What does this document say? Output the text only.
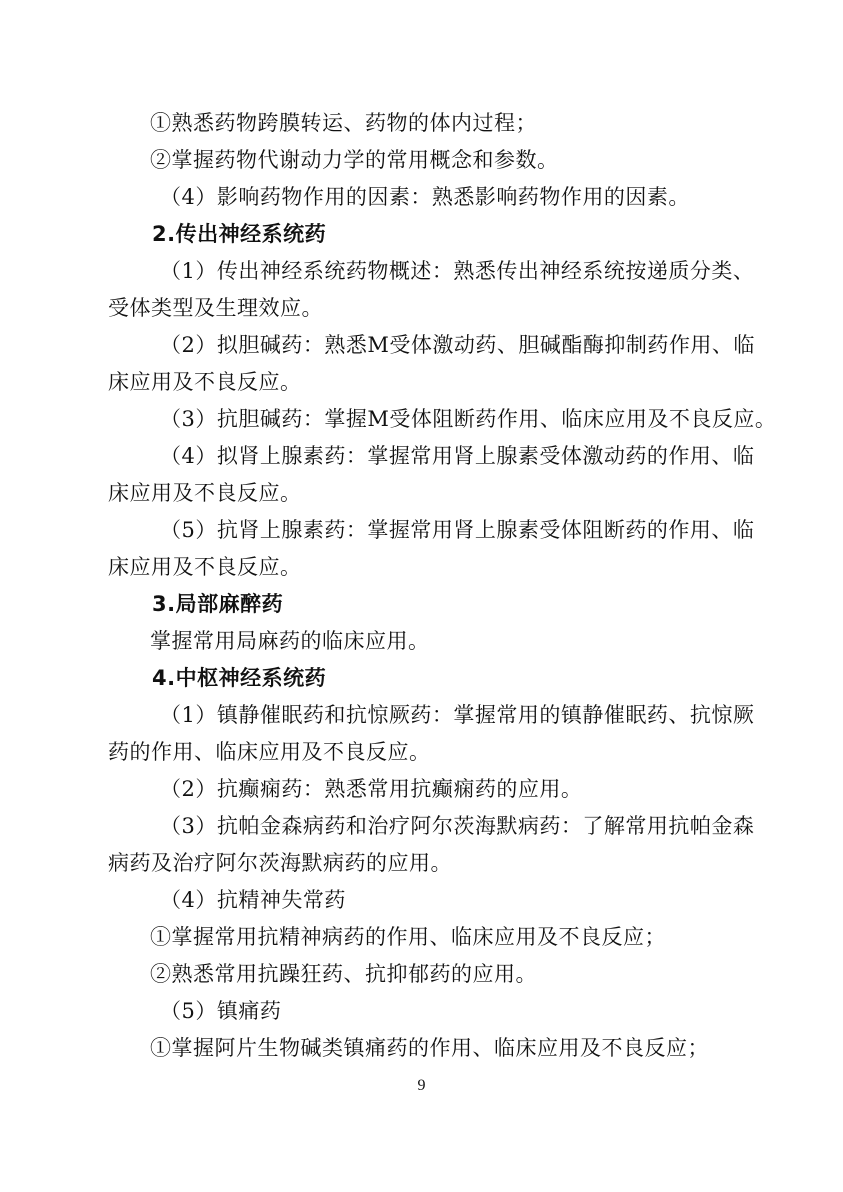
①熟悉药物跨膜转运、药物的体内过程；
②掌握药物代谢动力学的常用概念和参数。
（4）影响药物作用的因素：熟悉影响药物作用的因素。
2.传出神经系统药
（1）传出神经系统药物概述：熟悉传出神经系统按递质分类、
受体类型及生理效应。
（2）拟胆碱药：熟悉M受体激动药、胆碱酯酶抑制药作用、临
床应用及不良反应。
（3）抗胆碱药：掌握M受体阻断药作用、临床应用及不良反应。
（4）拟肾上腺素药：掌握常用肾上腺素受体激动药的作用、临
床应用及不良反应。
（5）抗肾上腺素药：掌握常用肾上腺素受体阻断药的作用、临
床应用及不良反应。
3.局部麻醉药
掌握常用局麻药的临床应用。
4.中枢神经系统药
（1）镇静催眠药和抗惊厥药：掌握常用的镇静催眠药、抗惊厥
药的作用、临床应用及不良反应。
（2）抗癫痫药：熟悉常用抗癫痫药的应用。
（3）抗帕金森病药和治疗阿尔茨海默病药：了解常用抗帕金森
病药及治疗阿尔茨海默病药的应用。
（4）抗精神失常药
①掌握常用抗精神病药的作用、临床应用及不良反应；
②熟悉常用抗躁狂药、抗抑郁药的应用。
（5）镇痛药
①掌握阿片生物碱类镇痛药的作用、临床应用及不良反应；
9
